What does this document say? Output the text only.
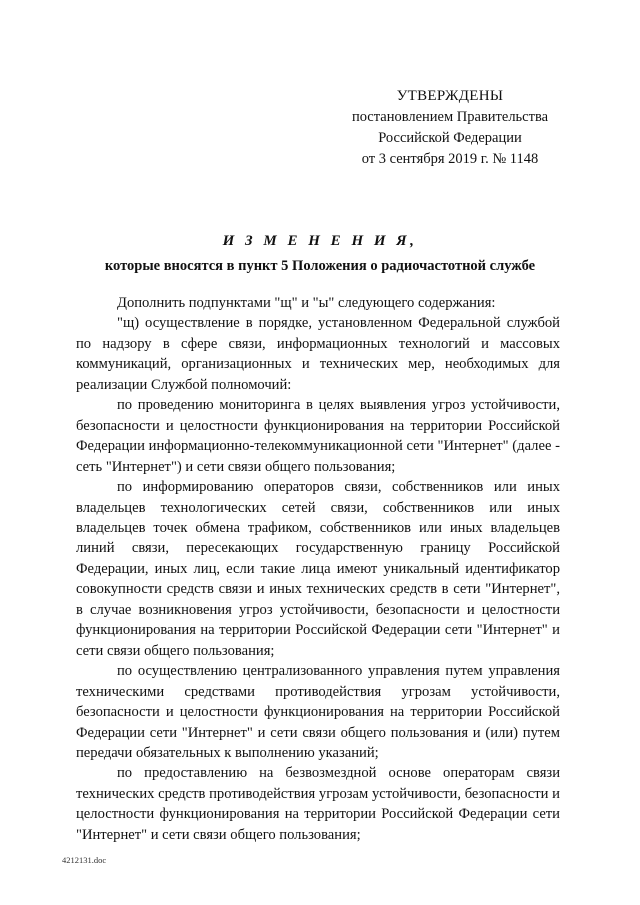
УТВЕРЖДЕНЫ
постановлением Правительства
Российской Федерации
от 3 сентября 2019 г. № 1148
И З М Е Н Е Н И Я,
которые вносятся в пункт 5 Положения о радиочастотной службе

Дополнить подпунктами "щ" и "ы" следующего содержания:

"щ) осуществление в порядке, установленном Федеральной службой по надзору в сфере связи, информационных технологий и массовых коммуникаций, организационных и технических мер, необходимых для реализации Службой полномочий:

по проведению мониторинга в целях выявления угроз устойчивости, безопасности и целостности функционирования на территории Российской Федерации информационно-телекоммуникационной сети "Интернет" (далее - сеть "Интернет") и сети связи общего пользования;

по информированию операторов связи, собственников или иных владельцев технологических сетей связи, собственников или иных владельцев точек обмена трафиком, собственников или иных владельцев линий связи, пересекающих государственную границу Российской Федерации, иных лиц, если такие лица имеют уникальный идентификатор совокупности средств связи и иных технических средств в сети "Интернет", в случае возникновения угроз устойчивости, безопасности и целостности функционирования на территории Российской Федерации сети "Интернет" и сети связи общего пользования;

по осуществлению централизованного управления путем управления техническими средствами противодействия угрозам устойчивости, безопасности и целостности функционирования на территории Российской Федерации сети "Интернет" и сети связи общего пользования и (или) путем передачи обязательных к выполнению указаний;

по предоставлению на безвозмездной основе операторам связи технических средств противодействия угрозам устойчивости, безопасности и целостности функционирования на территории Российской Федерации сети "Интернет" и сети связи общего пользования;

4212131.doc
